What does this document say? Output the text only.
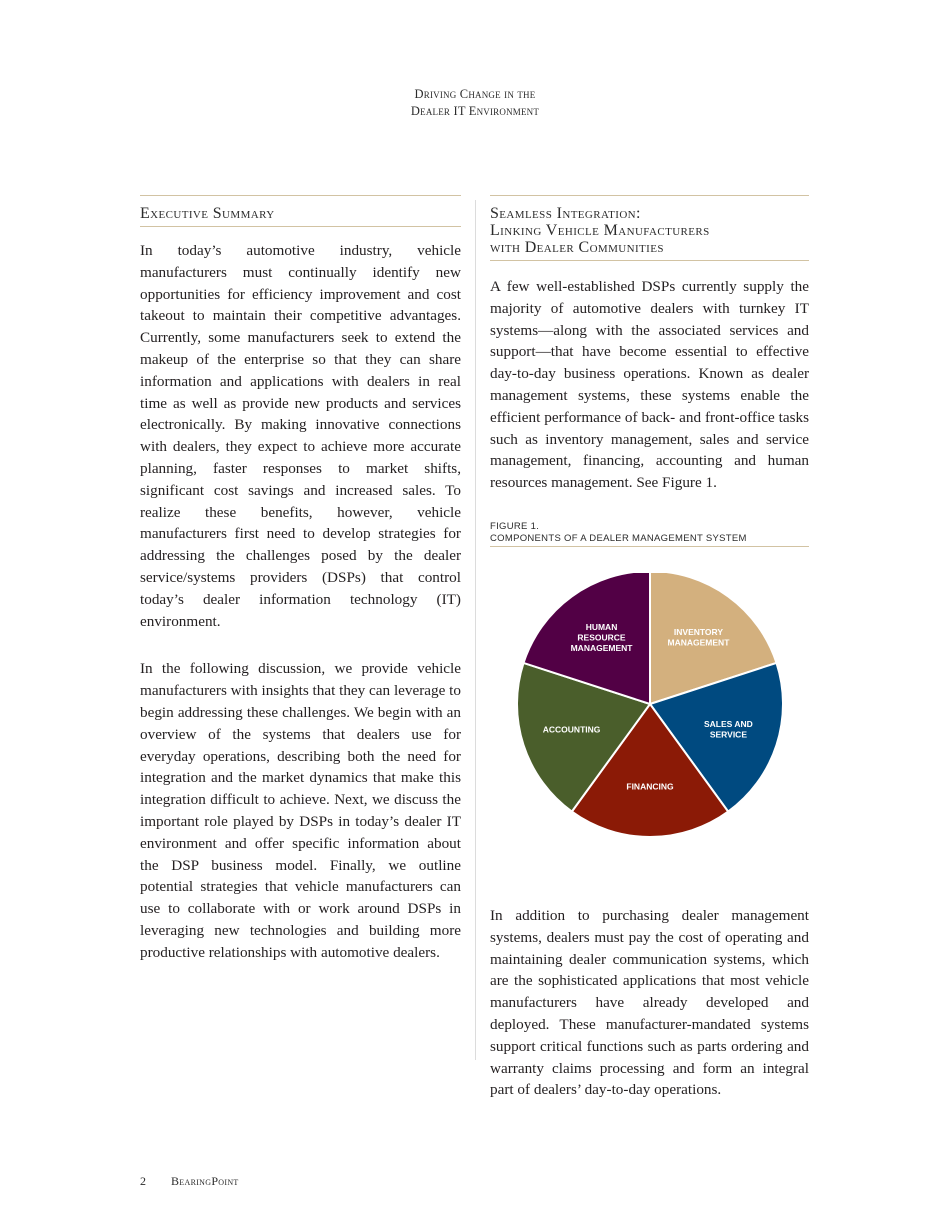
Driving Change in the
Dealer IT Environment
Executive Summary

In today’s automotive industry, vehicle manufacturers must continually identify new opportunities for efficiency improvement and cost takeout to maintain their competitive advantages. Currently, some manufacturers seek to extend the makeup of the enterprise so that they can share information and applications with dealers in real time as well as provide new products and services electronically. By making innovative connections with dealers, they expect to achieve more accurate planning, faster responses to market shifts, significant cost savings and increased sales. To realize these benefits, however, vehicle manufacturers first need to develop strategies for addressing the challenges posed by the dealer service/systems providers (DSPs) that control today’s dealer information technology (IT) environment.

In the following discussion, we provide vehicle manufacturers with insights that they can leverage to begin addressing these challenges. We begin with an overview of the systems that dealers use for everyday operations, describing both the need for integration and the market dynamics that make this integration difficult to achieve. Next, we discuss the important role played by DSPs in today’s dealer IT environment and offer specific information about the DSP business model. Finally, we outline potential strategies that vehicle manufacturers can use to collaborate with or work around DSPs in leveraging new technologies and building more productive relationships with automotive dealers.

Seamless Integration:
Linking Vehicle Manufacturers
with Dealer Communities

A few well-established DSPs currently supply the majority of automotive dealers with turnkey IT systems—along with the associated services and support—that have become essential to effective day-to-day business operations. Known as dealer management systems, these systems enable the efficient performance of back- and front-office tasks such as inventory management, sales and service management, financing, accounting and human resources management. See Figure 1.

FIGURE 1.
COMPONENTS OF A DEALER MANAGEMENT SYSTEM
INVENTORY MANAGEMENT
SALES AND SERVICE
FINANCING
ACCOUNTING
HUMAN RESOURCE MANAGEMENT

In addition to purchasing dealer management systems, dealers must pay the cost of operating and maintaining dealer communication systems, which are the sophisticated applications that most vehicle manufacturers have already developed and deployed. These manufacturer-mandated systems support critical functions such as parts ordering and warranty claims processing and form an integral part of dealers’ day-to-day operations.

2 BearingPoint
